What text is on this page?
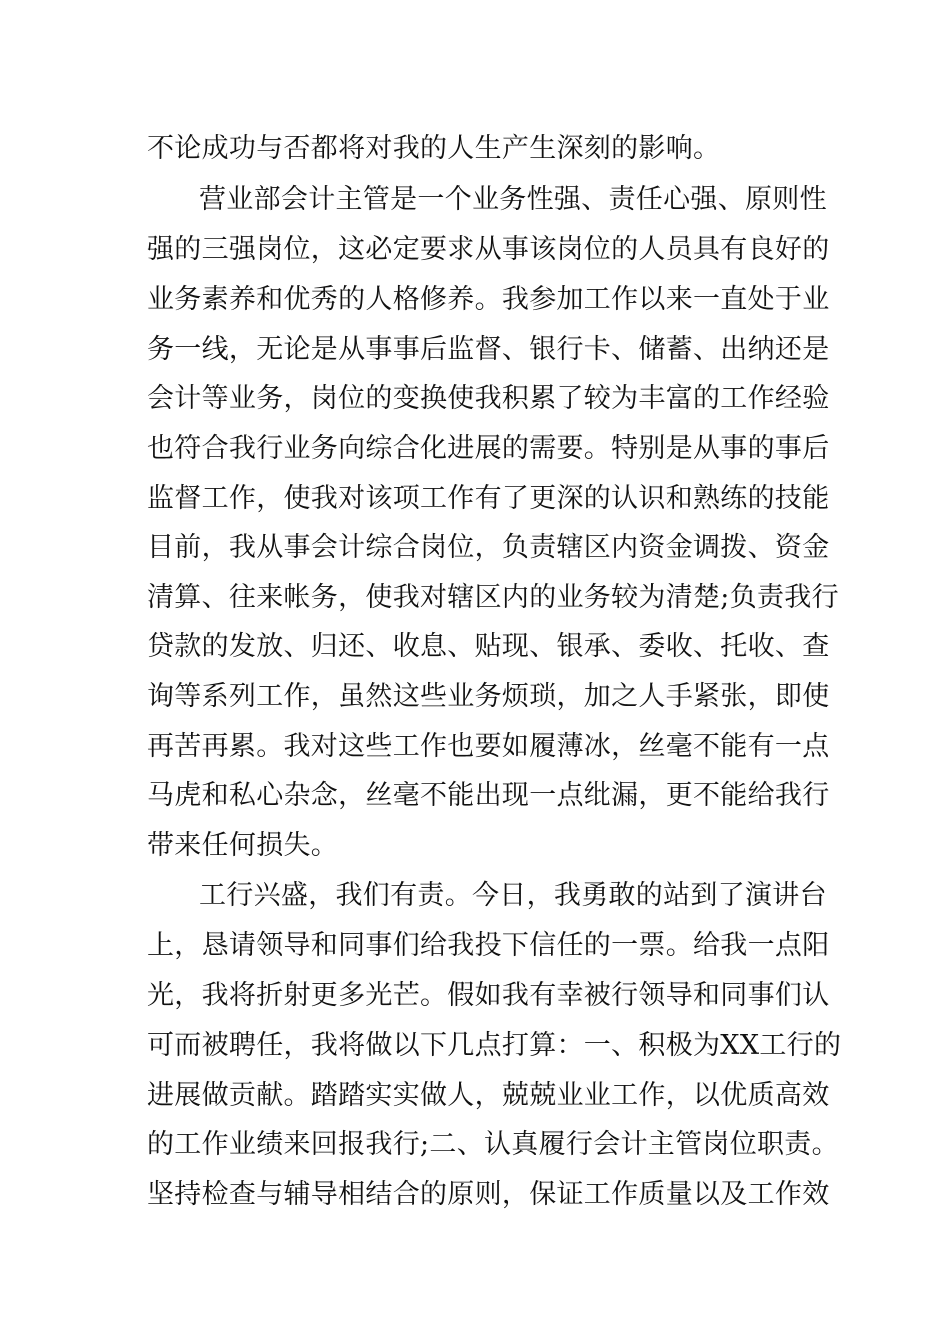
不论成功与否都将对我的人生产生深刻的影响。
营业部会计主管是一个业务性强、责任心强、原则性
强的三强岗位，这必定要求从事该岗位的人员具有良好的
业务素养和优秀的人格修养。我参加工作以来一直处于业
务一线，无论是从事事后监督、银行卡、储蓄、出纳还是
会计等业务，岗位的变换使我积累了较为丰富的工作经验
也符合我行业务向综合化进展的需要。特别是从事的事后
监督工作，使我对该项工作有了更深的认识和熟练的技能
目前，我从事会计综合岗位，负责辖区内资金调拨、资金
清算、往来帐务，使我对辖区内的业务较为清楚;负责我行
贷款的发放、归还、收息、贴现、银承、委收、托收、查
询等系列工作，虽然这些业务烦琐，加之人手紧张，即使
再苦再累。我对这些工作也要如履薄冰，丝毫不能有一点
马虎和私心杂念，丝毫不能出现一点纰漏，更不能给我行
带来任何损失。
工行兴盛，我们有责。今日，我勇敢的站到了演讲台
上，恳请领导和同事们给我投下信任的一票。给我一点阳
光，我将折射更多光芒。假如我有幸被行领导和同事们认
可而被聘任，我将做以下几点打算：一、积极为XX工行的
进展做贡献。踏踏实实做人，兢兢业业工作，以优质高效
的工作业绩来回报我行;二、认真履行会计主管岗位职责。
坚持检查与辅导相结合的原则，保证工作质量以及工作效
